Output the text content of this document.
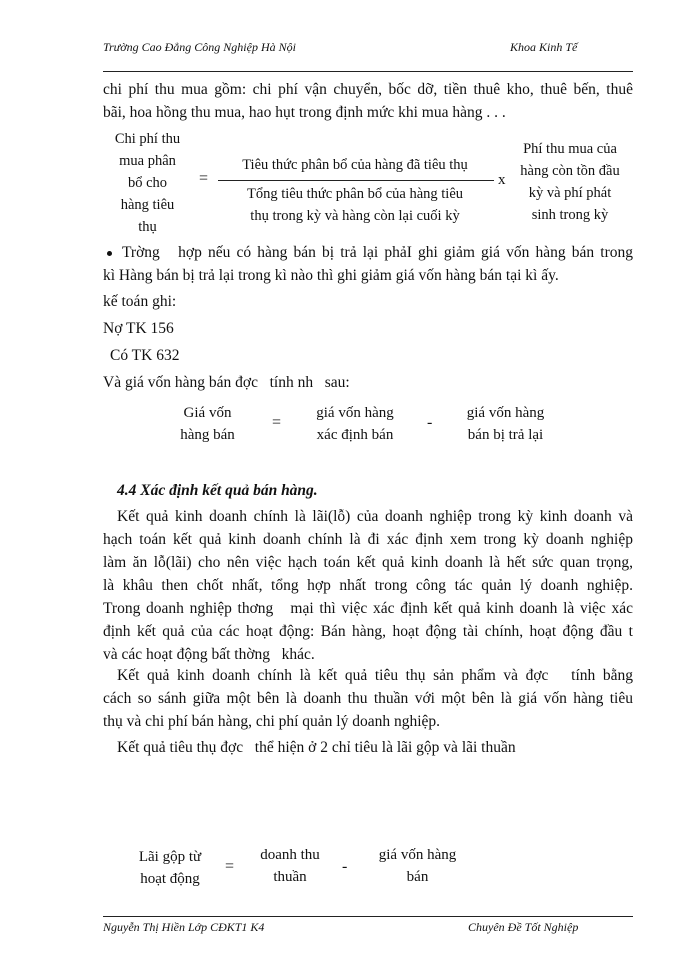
Trường Cao Đẳng Công Nghiệp Hà Nội	Khoa Kinh Tế
chi phí thu mua gồm: chi phí vận chuyển, bốc dỡ, tiền thuê kho, thuê bến, thuê
bãi, hoa hồng thu mua, hao hụt trong định mức khi mua hàng . . .
Chi phí thu
mua phân
bổ cho
hàng tiêu
thụ
=
Tiêu thức phân bổ của hàng đã tiêu thụ
Tổng tiêu thức phân bổ của hàng tiêu
thụ trong kỳ và hàng còn lại cuối kỳ
x
Phí thu mua của
hàng còn tồn đầu
kỳ và phí phát
sinh trong kỳ
Trờng   hợp nếu có hàng bán bị trả lại phảI ghi giảm giá vốn hàng bán trong
kì Hàng bán bị trả lại trong kì nào thì ghi giảm giá vốn hàng bán tại kì ấy.
kế toán ghi:
Nợ TK 156
Có TK 632
Và giá vốn hàng bán đợc   tính nh   sau:
Giá vốn
hàng bán
=
giá vốn hàng
xác định bán
-
giá vốn hàng
bán bị trả lại
4.4 Xác định kết quả bán hàng.
Kết quả kinh doanh chính là lãi(lỗ) của doanh nghiệp trong kỳ kinh doanh và
hạch toán kết quả kinh doanh chính là đi xác định xem trong kỳ doanh nghiệp
làm ăn lỗ(lãi) cho nên việc hạch toán kết quả kinh doanh là hết sức quan trọng,
là khâu then chốt nhất, tổng hợp nhất trong công tác quản lý doanh nghiệp.
Trong doanh nghiệp thơng   mại thì việc xác định kết quả kinh doanh là việc xác
định kết quả của các hoạt động: Bán hàng, hoạt động tài chính, hoạt động đầu t
và các hoạt động bất thờng   khác.
Kết quả kinh doanh chính là kết quả tiêu thụ sản phẩm và đợc   tính bằng
cách so sánh giữa một bên là doanh thu thuần với một bên là giá vốn hàng tiêu
thụ và chi phí bán hàng, chi phí quản lý doanh nghiệp.
Kết quả tiêu thụ đợc   thể hiện ở 2 chỉ tiêu là lãi gộp và lãi thuần
Lãi gộp từ
hoạt động
=
doanh thu
thuần
-
giá vốn hàng
bán
Nguyễn Thị Hiền Lớp CĐKT1 K4	Chuyên Đề Tốt Nghiệp
